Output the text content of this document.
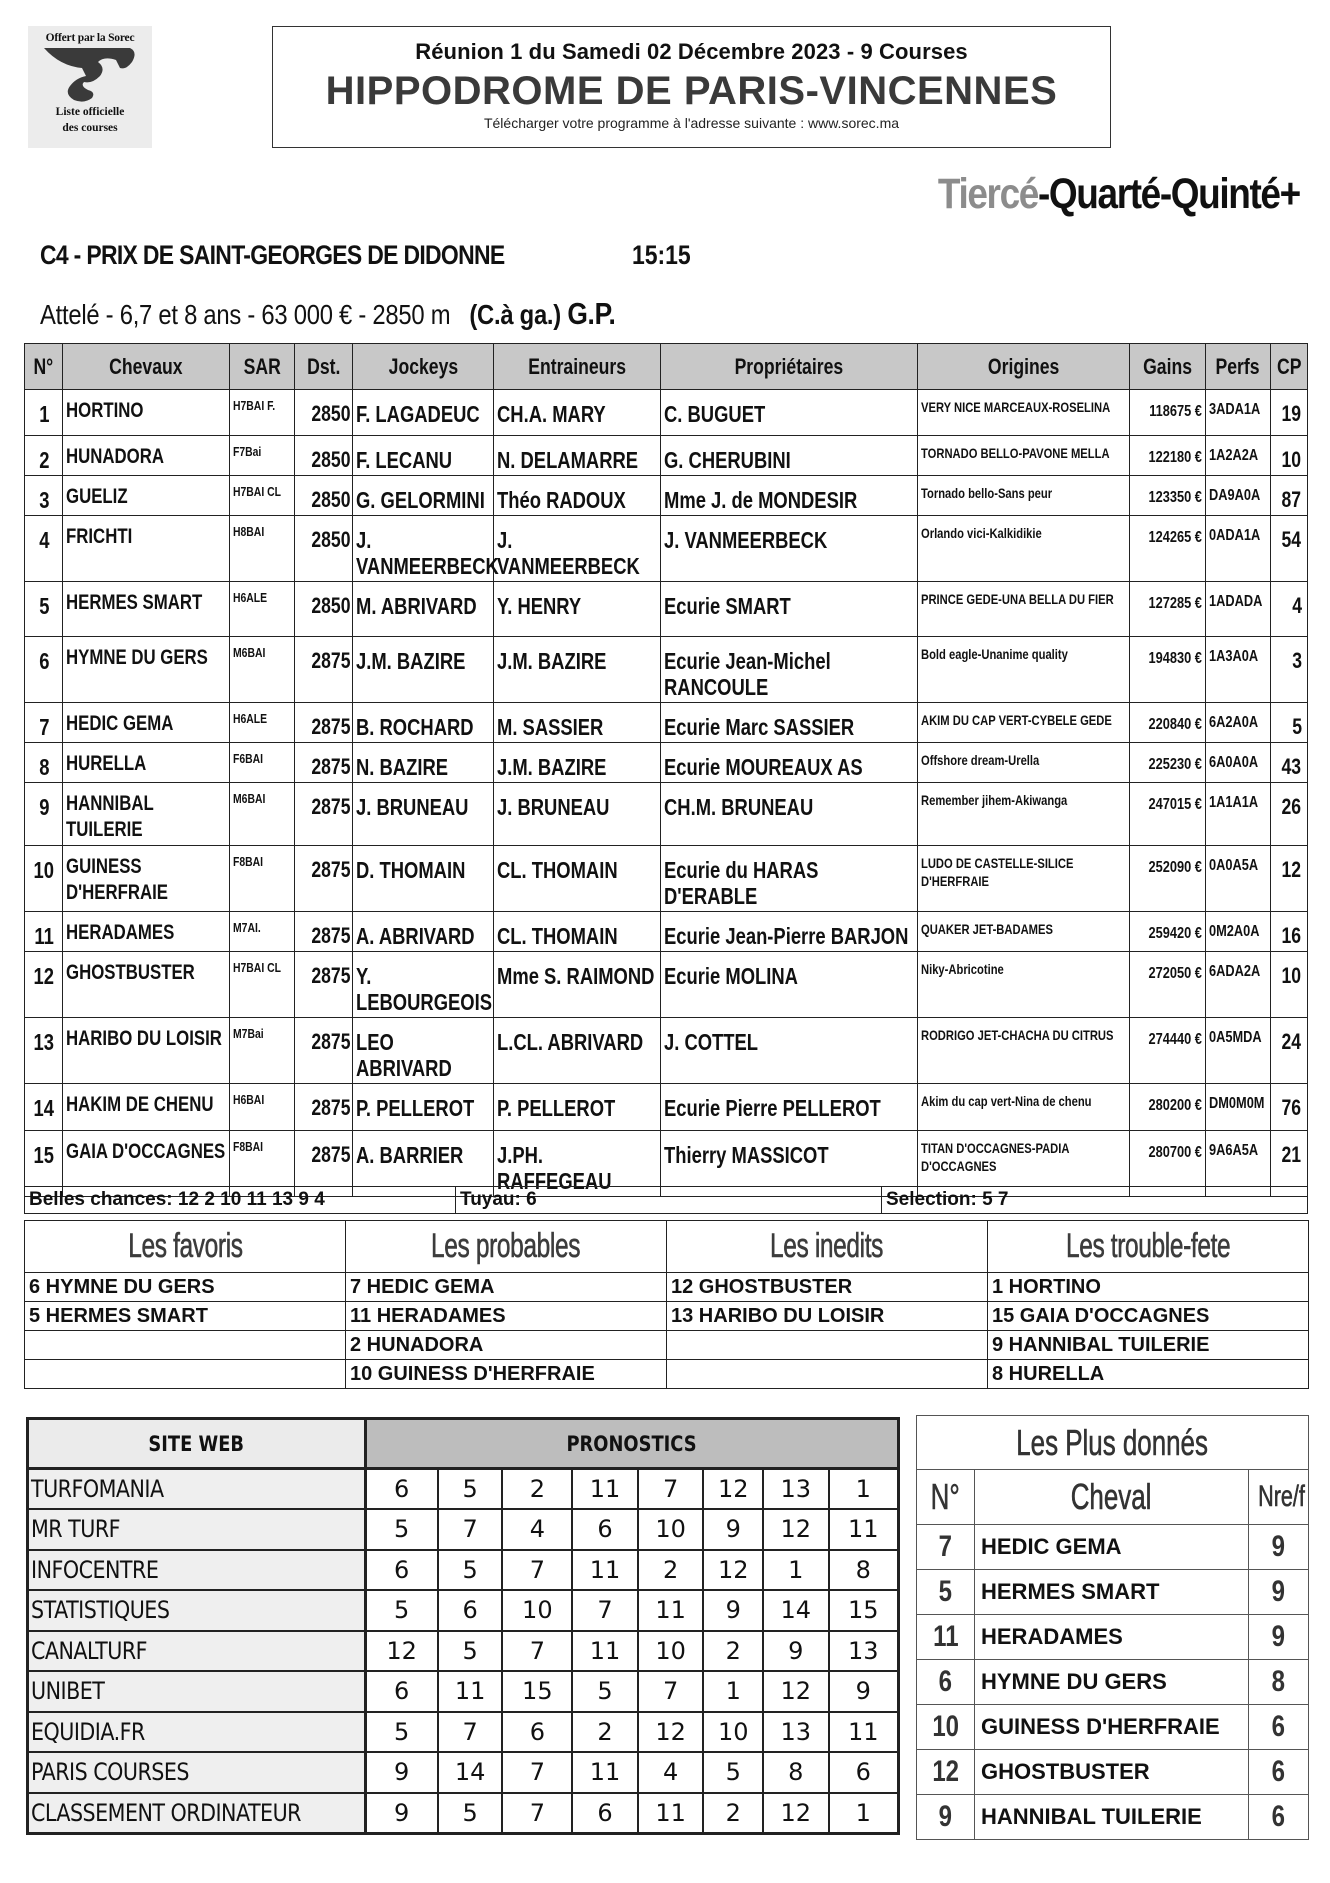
Offert par la Sorec
Liste officielle
des courses
Réunion 1 du Samedi 02 Décembre 2023 - 9 Courses
HIPPODROME DE PARIS-VINCENNES
Télécharger votre programme à l'adresse suivante : www.sorec.ma
Tiercé-Quarté-Quinté+
C4 - PRIX DE SAINT-GEORGES DE DIDONNE	15:15
Attelé - 6,7 et 8 ans - 63 000 € - 2850 m (C.à ga.) G.P.
N°	Chevaux	SAR	Dst.	Jockeys	Entraineurs	Propriétaires	Origines	Gains	Perfs	CP
1	HORTINO	H7BAI F.	2850	F. LAGADEUC	CH.A. MARY	C. BUGUET	VERY NICE MARCEAUX-ROSELINA	118675 €	3ADA1A	19
2	HUNADORA	F7Bai	2850	F. LECANU	N. DELAMARRE	G. CHERUBINI	TORNADO BELLO-PAVONE MELLA	122180 €	1A2A2A	10
3	GUELIZ	H7BAI CL	2850	G. GELORMINI	Théo RADOUX	Mme J. de MONDESIR	Tornado bello-Sans peur	123350 €	DA9A0A	87
4	FRICHTI	H8BAI	2850	J. VANMEERBECK	J. VANMEERBECK	J. VANMEERBECK	Orlando vici-Kalkidikie	124265 €	0ADA1A	54
5	HERMES SMART	H6ALE	2850	M. ABRIVARD	Y. HENRY	Ecurie SMART	PRINCE GEDE-UNA BELLA DU FIER	127285 €	1ADADA	4
6	HYMNE DU GERS	M6BAI	2875	J.M. BAZIRE	J.M. BAZIRE	Ecurie Jean-Michel RANCOULE	Bold eagle-Unanime quality	194830 €	1A3A0A	3
7	HEDIC GEMA	H6ALE	2875	B. ROCHARD	M. SASSIER	Ecurie Marc SASSIER	AKIM DU CAP VERT-CYBELE GEDE	220840 €	6A2A0A	5
8	HURELLA	F6BAI	2875	N. BAZIRE	J.M. BAZIRE	Ecurie MOUREAUX AS	Offshore dream-Urella	225230 €	6A0A0A	43
9	HANNIBAL TUILERIE	M6BAI	2875	J. BRUNEAU	J. BRUNEAU	CH.M. BRUNEAU	Remember jihem-Akiwanga	247015 €	1A1A1A	26
10	GUINESS D'HERFRAIE	F8BAI	2875	D. THOMAIN	CL. THOMAIN	Ecurie du HARAS D'ERABLE	LUDO DE CASTELLE-SILICE D'HERFRAIE	252090 €	0A0A5A	12
11	HERADAMES	M7AI.	2875	A. ABRIVARD	CL. THOMAIN	Ecurie Jean-Pierre BARJON	QUAKER JET-BADAMES	259420 €	0M2A0A	16
12	GHOSTBUSTER	H7BAI CL	2875	Y. LEBOURGEOIS	Mme S. RAIMOND	Ecurie MOLINA	Niky-Abricotine	272050 €	6ADA2A	10
13	HARIBO DU LOISIR	M7Bai	2875	LEO ABRIVARD	L.CL. ABRIVARD	J. COTTEL	RODRIGO JET-CHACHA DU CITRUS	274440 €	0A5MDA	24
14	HAKIM DE CHENU	H6BAI	2875	P. PELLEROT	P. PELLEROT	Ecurie Pierre PELLEROT	Akim du cap vert-Nina de chenu	280200 €	DM0M0M	76
15	GAIA D'OCCAGNES	F8BAI	2875	A. BARRIER	J.PH. RAFFEGEAU	Thierry MASSICOT	TITAN D'OCCAGNES-PADIA D'OCCAGNES	280700 €	9A6A5A	21
Belles chances: 12 2 10 11 13 9 4	Tuyau: 6	Selection: 5 7
Les favoris	Les probables	Les inedits	Les trouble-fete
6 HYMNE DU GERS	7 HEDIC GEMA	12 GHOSTBUSTER	1 HORTINO
5 HERMES SMART	11 HERADAMES	13 HARIBO DU LOISIR	15 GAIA D'OCCAGNES
	2 HUNADORA		9 HANNIBAL TUILERIE
	10 GUINESS D'HERFRAIE		8 HURELLA
SITE WEB	PRONOSTICS							
TURFOMANIA	6	5	2	11	7	12	13	1
MR TURF	5	7	4	6	10	9	12	11
INFOCENTRE	6	5	7	11	2	12	1	8
STATISTIQUES	5	6	10	7	11	9	14	15
CANALTURF	12	5	7	11	10	2	9	13
UNIBET	6	11	15	5	7	1	12	9
EQUIDIA.FR	5	7	6	2	12	10	13	11
PARIS COURSES	9	14	7	11	4	5	8	6
CLASSEMENT ORDINATEUR	9	5	7	6	11	2	12	1
Les Plus donnés		
N°	Cheval	Nre/f
7	HEDIC GEMA	9
5	HERMES SMART	9
11	HERADAMES	9
6	HYMNE DU GERS	8
10	GUINESS D'HERFRAIE	6
12	GHOSTBUSTER	6
9	HANNIBAL TUILERIE	6
